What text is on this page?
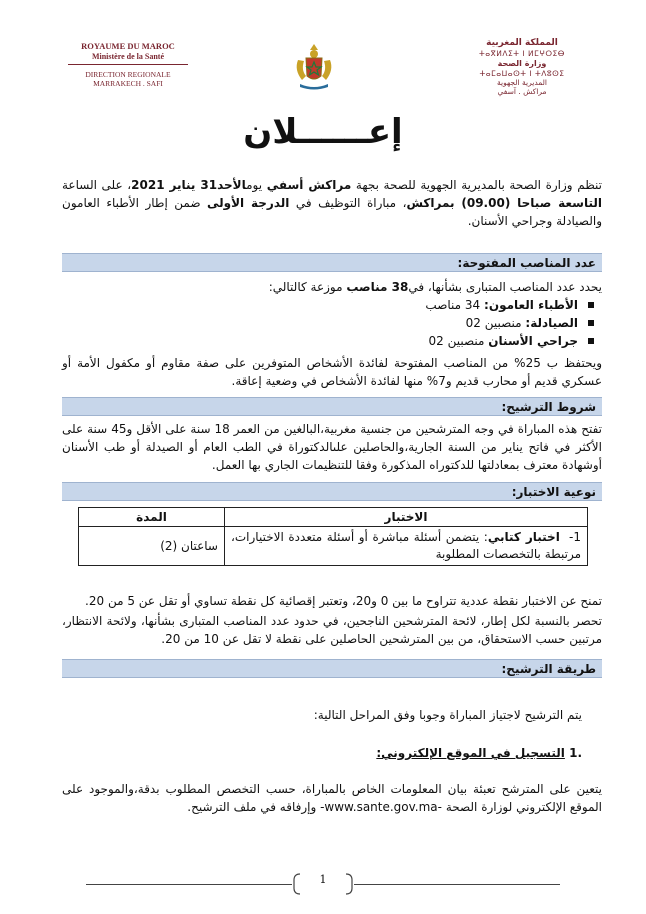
ROYAUME DU MAROC
Ministère de la Santé
DIRECTION REGIONALE
MARRAKECH . SAFI
المملكة المغربية
ⵜⴰⴳⵍⴷⵉⵜ ⵏ ⵍⵎⵖⵔⵉⴱ
وزارة الصحة
ⵜⴰⵎⴰⵡⴰⵙⵜ ⵏ ⵜⴷⵓⵙⵉ
المديرية الجهوية
مراكش . آسفي
إعــــــلان
تنظم وزارة الصحة بالمديرية الجهوية للصحة بجهة مراكش أسفي يومالأحد31 يناير 2021، على الساعة التاسعة صباحا (09.00) بمراكش، مباراة التوظيف في الدرجة الأولى ضمن إطار الأطباء العامون والصيادلة وجراحي الأسنان.
عدد المناصب المفتوحة:
يحدد عدد المناصب المتبارى بشأنها، في38 مناصب موزعة كالتالي:
الأطباء العامون: 34 مناصب
الصيادلة: منصبين 02
جراحي الأسنان منصبين 02
ويحتفظ ب 25% من المناصب المفتوحة لفائدة الأشخاص المتوفرين على صفة مقاوم أو مكفول الأمة أو عسكري قديم أو محارب قديم و7% منها لفائدة الأشخاص في وضعية إعاقة.
شروط الترشيح:
تفتح هذه المباراة في وجه المترشحين من جنسية مغربية،البالغين من العمر 18 سنة على الأقل و45 سنة على الأكثر في فاتح يناير من السنة الجارية،والحاصلين علىالدكتوراة في الطب العام أو الصيدلة أو طب الأسنان أوشهادة معترف بمعادلتها للدكتوراه المذكورة وفقا للتنظيمات الجاري بها العمل.
نوعية الاختبار:
الاختبار	المدة
1-  اختبار كتابي: يتضمن أسئلة مباشرة أو أسئلة متعددة الاختيارات، مرتبطة بالتخصصات المطلوبة	ساعتان (2)
تمنح عن الاختبار نقطة عددية تتراوح ما بين 0 و20، وتعتبر إقصائية كل نقطة تساوي أو تقل عن 5 من 20.
تحصر بالنسبة لكل إطار، لائحة المترشحين الناجحين، في حدود عدد المناصب المتبارى بشأنها، ولائحة الانتظار، مرتبين حسب الاستحقاق، من بين المترشحين الحاصلين على نقطة لا تقل عن 10 من 20.
طريقة الترشيح:
يتم الترشيح لاجتياز المباراة وجوبا وفق المراحل التالية:
.1 التسجيل في الموقع الإلكتروني:
يتعين على المترشح تعبئة بيان المعلومات الخاص بالمباراة، حسب التخصص المطلوب بدقة،والموجود على الموقع الإلكتروني لوزارة الصحة -www.sante.gov.ma- وإرفاقه في ملف الترشيح.
1
